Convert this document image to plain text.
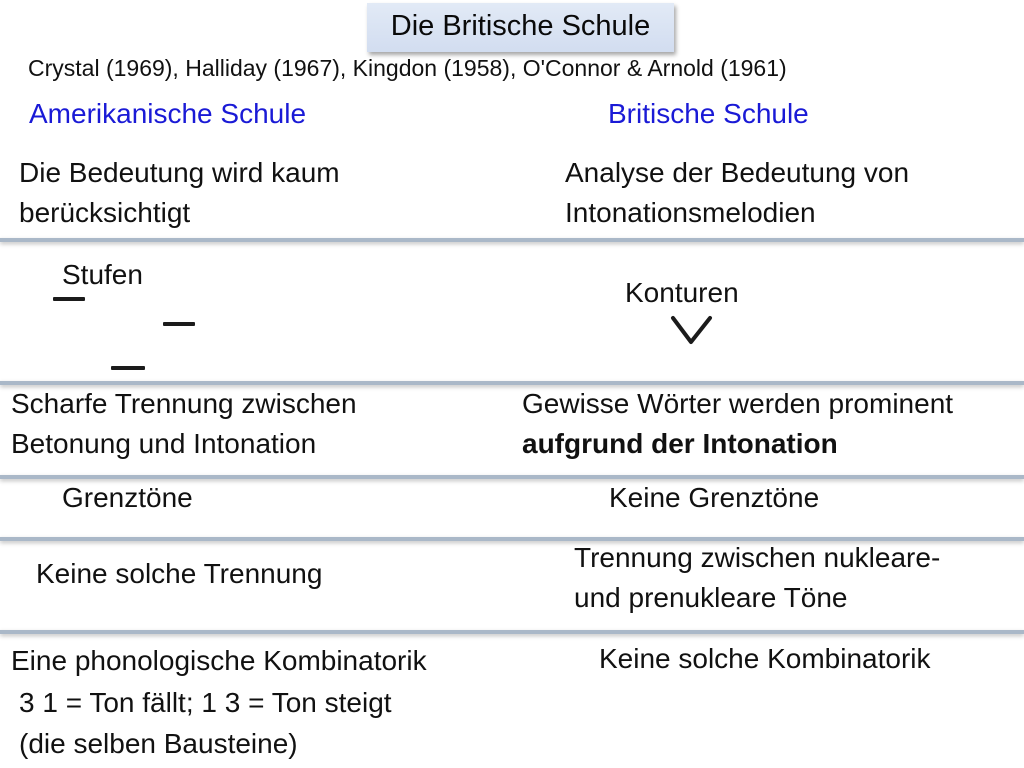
Die Britische Schule
Crystal (1969), Halliday (1967), Kingdon (1958), O'Connor & Arnold (1961)
Amerikanische Schule	Britische Schule
Die Bedeutung wird kaum
berücksichtigt
Analyse der Bedeutung von
Intonationsmelodien
Stufen
Konturen
Scharfe Trennung zwischen
Betonung und Intonation
Gewisse Wörter werden prominent
aufgrund der Intonation
Grenztöne	Keine Grenztöne
Keine solche Trennung
Trennung zwischen nukleare-
und prenukleare Töne
Eine phonologische Kombinatorik
3 1 = Ton fällt; 1 3 = Ton steigt
(die selben Bausteine)
Keine solche Kombinatorik
